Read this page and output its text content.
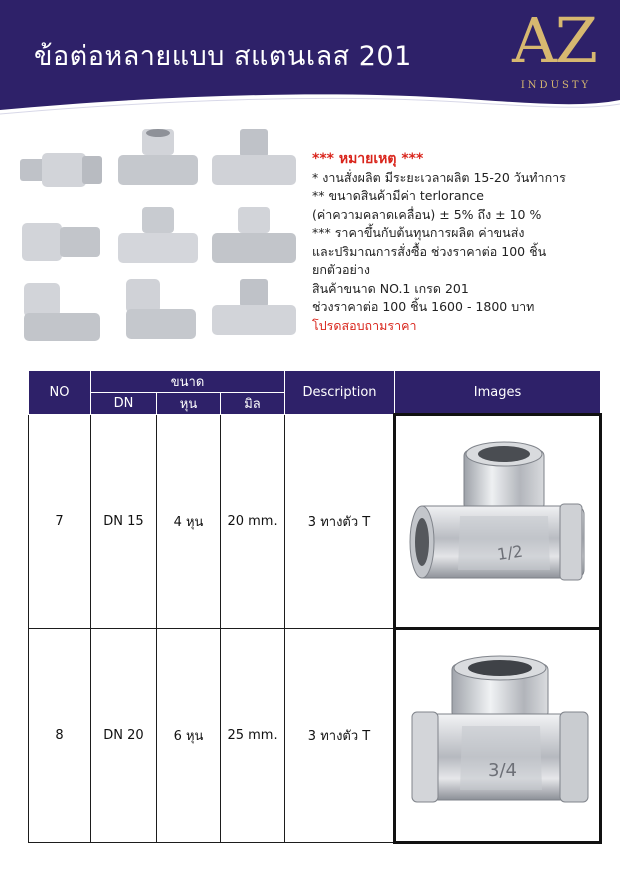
ข้อต่อหลายแบบ สแตนเลส 201 AZ
INDUSTY
*** หมายเหตุ ***
* งานสั่งผลิต มีระยะเวลาผลิต 15-20 วันทำการ
** ขนาดสินค้ามีค่า terlorance
(ค่าความคลาดเคลื่อน) ± 5% ถึง ± 10 %
*** ราคาขึ้นกับต้นทุนการผลิต ค่าขนส่ง
และปริมาณการสั่งซื้อ ช่วงราคาต่อ 100 ชิ้น
ยกตัวอย่าง
สินค้าขนาด NO.1 เกรด 201
ช่วงราคาต่อ 100 ชิ้น 1600 - 1800 บาท
โปรดสอบถามราคา
NO	ขนาด			Description	Images
	DN	หุน	มิล		
7	DN 15	4 หุน	20 mm.	3 ทางตัว T	1/2

8	DN 20	6 หุน	25 mm.	3 ทางตัว T	3/4
